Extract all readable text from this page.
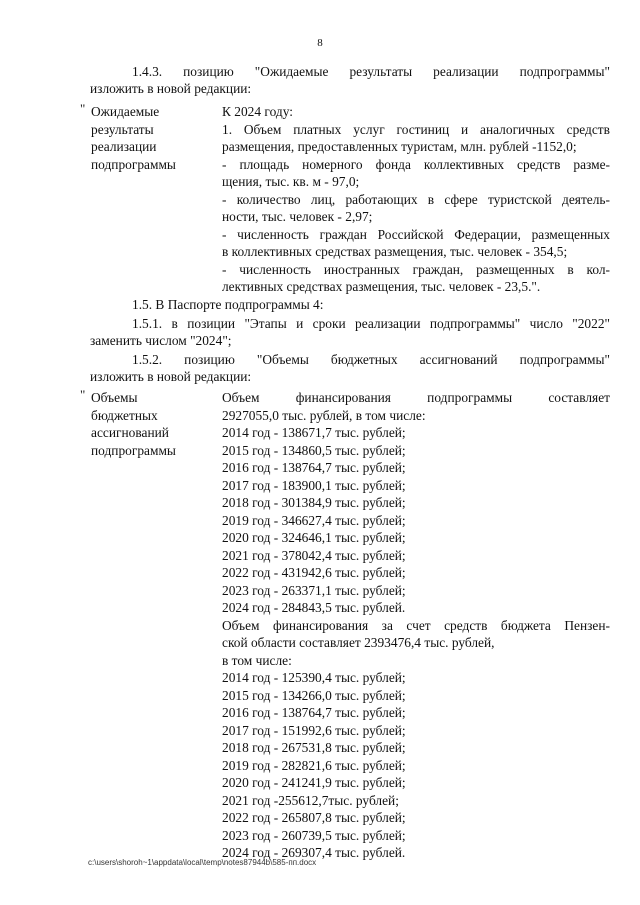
8
1.4.3. позицию "Ожидаемые результаты реализации подпрограммы"
изложить в новой редакции:
" Ожидаемые
результаты
реализации
подпрограммы
К 2024 году:
1. Объем платных услуг гостиниц и аналогичных средств
размещения, предоставленных туристам, млн. рублей -1152,0;
- площадь номерного фонда коллективных средств разме-
щения, тыс. кв. м - 97,0;
- количество лиц, работающих в сфере туристской деятель-
ности, тыс. человек - 2,97;
- численность граждан Российской Федерации, размещенных
в коллективных средствах размещения, тыс. человек - 354,5;
- численность иностранных граждан, размещенных в кол-
лективных средствах размещения, тыс. человек - 23,5.".
1.5. В Паспорте подпрограммы 4:
1.5.1. в позиции "Этапы и сроки реализации подпрограммы" число "2022"
заменить числом "2024";
1.5.2. позицию "Объемы бюджетных ассигнований подпрограммы"
изложить в новой редакции:
" Объемы
бюджетных
ассигнований
подпрограммы
Объем финансирования подпрограммы составляет
2927055,0 тыс. рублей, в том числе:
2014 год - 138671,7 тыс. рублей;
2015 год - 134860,5 тыс. рублей;
2016 год - 138764,7 тыс. рублей;
2017 год - 183900,1 тыс. рублей;
2018 год - 301384,9 тыс. рублей;
2019 год - 346627,4 тыс. рублей;
2020 год - 324646,1 тыс. рублей;
2021 год - 378042,4 тыс. рублей;
2022 год - 431942,6 тыс. рублей;
2023 год - 263371,1 тыс. рублей;
2024 год - 284843,5 тыс. рублей.
Объем финансирования за счет средств бюджета Пензен-
ской области составляет 2393476,4 тыс. рублей,
в том числе:
2014 год - 125390,4 тыс. рублей;
2015 год - 134266,0 тыс. рублей;
2016 год - 138764,7 тыс. рублей;
2017 год - 151992,6 тыс. рублей;
2018 год - 267531,8 тыс. рублей;
2019 год - 282821,6 тыс. рублей;
2020 год - 241241,9 тыс. рублей;
2021 год -255612,7тыс. рублей;
2022 год - 265807,8 тыс. рублей;
2023 год - 260739,5 тыс. рублей;
2024 год - 269307,4 тыс. рублей.
c:\users\shoroh~1\appdata\local\temp\notes87944b\585-пп.docx
